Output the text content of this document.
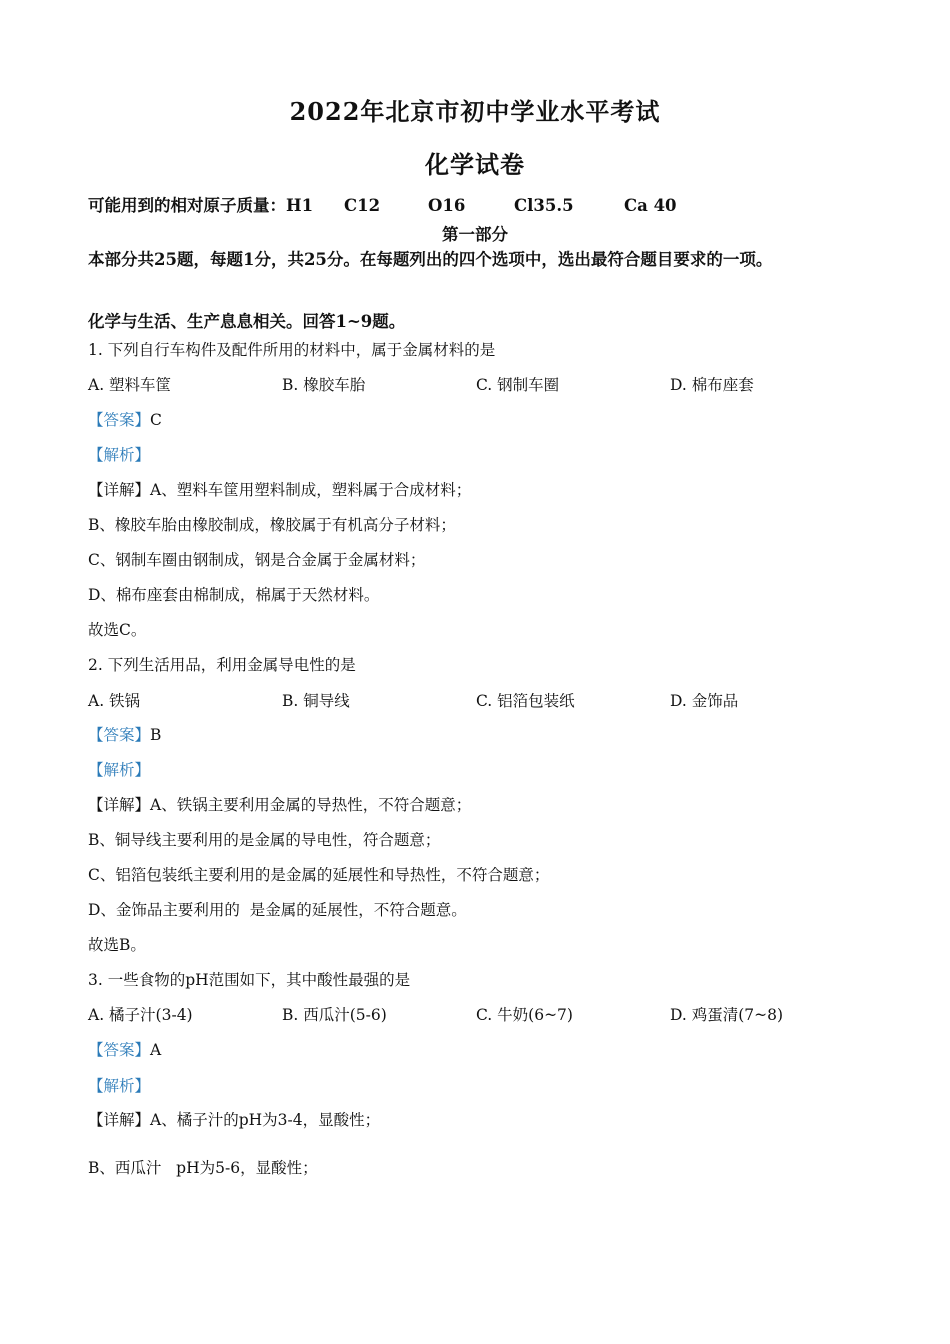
2022年北京市初中学业水平考试
化学试卷
可能用到的相对原子质量：H1 C12	O16	Cl35.5	Ca 40
第一部分
本部分共25题，每题1分，共25分。在每题列出的四个选项中，选出最符合题目要求的一项。
化学与生活、生产息息相关。回答1~9题。
1. 下列自行车构件及配件所用的材料中，属于金属材料的是
A. 塑料车筐	B. 橡胶车胎	C. 钢制车圈	D. 棉布座套
【答案】C
【解析】
【详解】A、塑料车筐用塑料制成，塑料属于合成材料；
B、橡胶车胎由橡胶制成，橡胶属于有机高分子材料；
C、钢制车圈由钢制成，钢是合金属于金属材料；
D、棉布座套由棉制成，棉属于天然材料。
故选C。
2. 下列生活用品，利用金属导电性的是
A. 铁锅	B. 铜导线	C. 铝箔包装纸	D. 金饰品
【答案】B
【解析】
【详解】A、铁锅主要利用金属的导热性，不符合题意；
B、铜导线主要利用的是金属的导电性，符合题意；
C、铝箔包装纸主要利用的是金属的延展性和导热性，不符合题意；
D、金饰品主要利用的  是金属的延展性，不符合题意。
故选B。
3. 一些食物的pH范围如下，其中酸性最强的是
A. 橘子汁(3-4)	B. 西瓜汁(5-6)	C. 牛奶(6~7)	D. 鸡蛋清(7~8)
【答案】A
【解析】
【详解】A、橘子汁的pH为3-4，显酸性；
B、西瓜汁   pH为5-6，显酸性；
